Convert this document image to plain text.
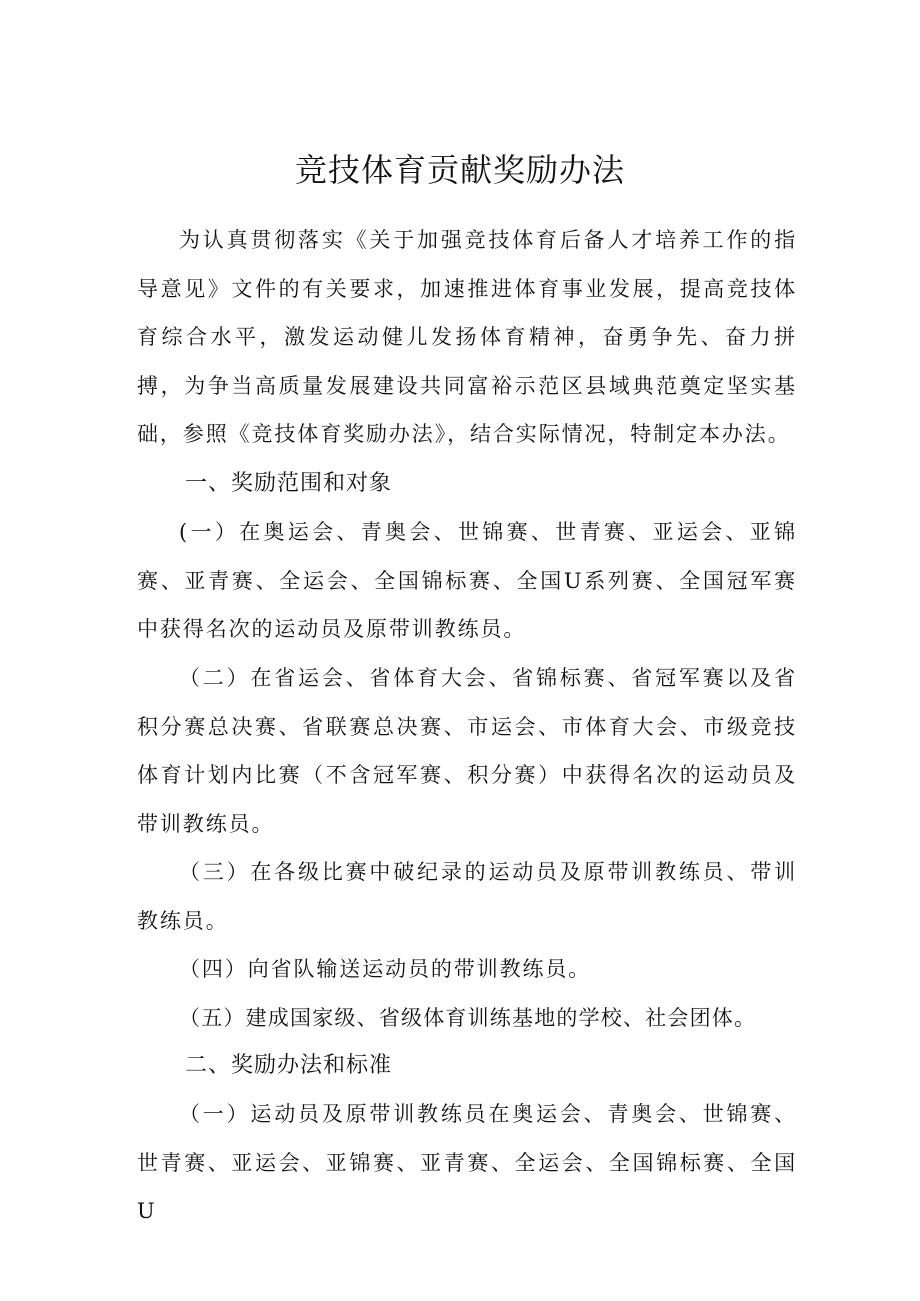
竞技体育贡献奖励办法

为认真贯彻落实《关于加强竞技体育后备人才培养工作的指导意见》文件的有关要求，加速推进体育事业发展，提高竞技体育综合水平，激发运动健儿发扬体育精神，奋勇争先、奋力拼搏，为争当高质量发展建设共同富裕示范区县域典范奠定坚实基础，参照《竞技体育奖励办法》，结合实际情况，特制定本办法。

一、奖励范围和对象

(一）在奥运会、青奥会、世锦赛、世青赛、亚运会、亚锦赛、亚青赛、全运会、全国锦标赛、全国U系列赛、全国冠军赛中获得名次的运动员及原带训教练员。

（二）在省运会、省体育大会、省锦标赛、省冠军赛以及省积分赛总决赛、省联赛总决赛、市运会、市体育大会、市级竞技体育计划内比赛（不含冠军赛、积分赛）中获得名次的运动员及带训教练员。

（三）在各级比赛中破纪录的运动员及原带训教练员、带训教练员。

（四）向省队输送运动员的带训教练员。

（五）建成国家级、省级体育训练基地的学校、社会团体。

二、奖励办法和标准

（一）运动员及原带训教练员在奥运会、青奥会、世锦赛、世青赛、亚运会、亚锦赛、亚青赛、全运会、全国锦标赛、全国U
